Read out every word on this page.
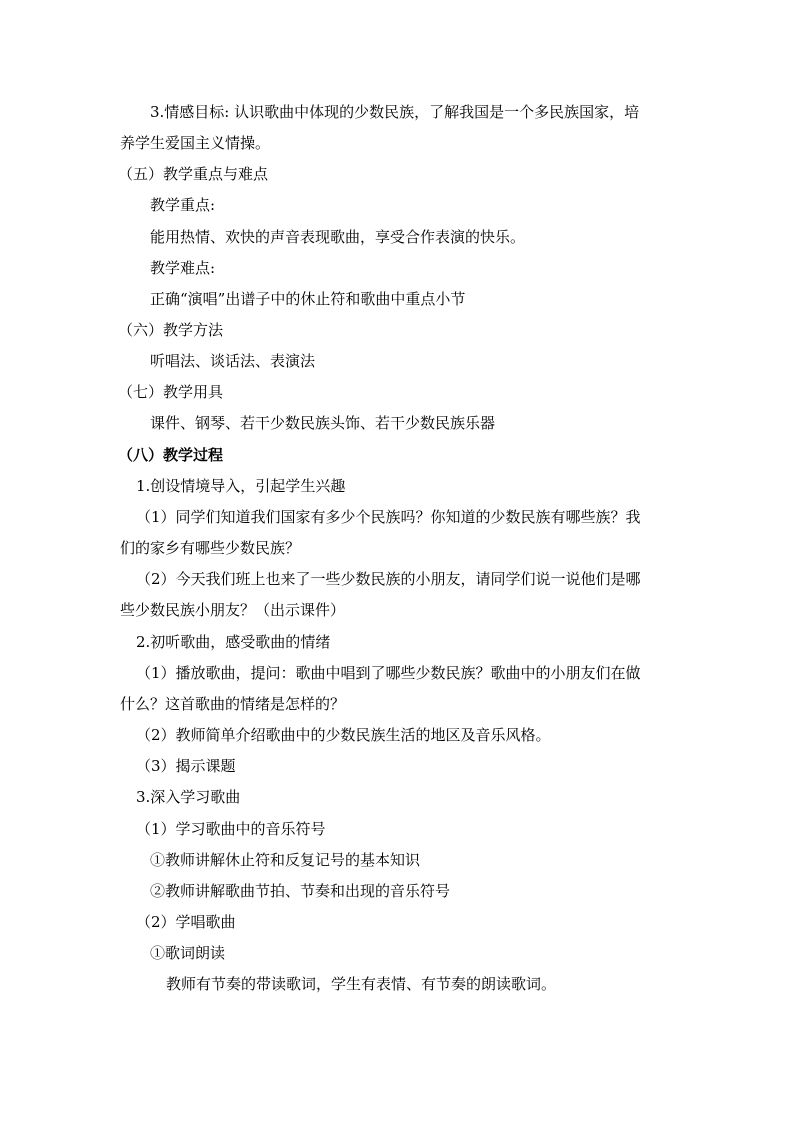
3.情感目标: 认识歌曲中体现的少数民族，了解我国是一个多民族国家，培
养学生爱国主义情操。
（五）教学重点与难点
教学重点:
能用热情、欢快的声音表现歌曲，享受合作表演的快乐。
教学难点:
正确“演唱”出谱子中的休止符和歌曲中重点小节
（六）教学方法
听唱法、谈话法、表演法
（七）教学用具
课件、钢琴、若干少数民族头饰、若干少数民族乐器
（八）教学过程
1.创设情境导入，引起学生兴趣
（1）同学们知道我们国家有多少个民族吗？你知道的少数民族有哪些族？我
们的家乡有哪些少数民族？
（2）今天我们班上也来了一些少数民族的小朋友，请同学们说一说他们是哪
些少数民族小朋友？（出示课件）
2.初听歌曲，感受歌曲的情绪
（1）播放歌曲，提问：歌曲中唱到了哪些少数民族？歌曲中的小朋友们在做
什么？这首歌曲的情绪是怎样的？
（2）教师简单介绍歌曲中的少数民族生活的地区及音乐风格。
（3）揭示课题
3.深入学习歌曲
（1）学习歌曲中的音乐符号
①教师讲解休止符和反复记号的基本知识
②教师讲解歌曲节拍、节奏和出现的音乐符号
（2）学唱歌曲
①歌词朗读
教师有节奏的带读歌词，学生有表情、有节奏的朗读歌词。
